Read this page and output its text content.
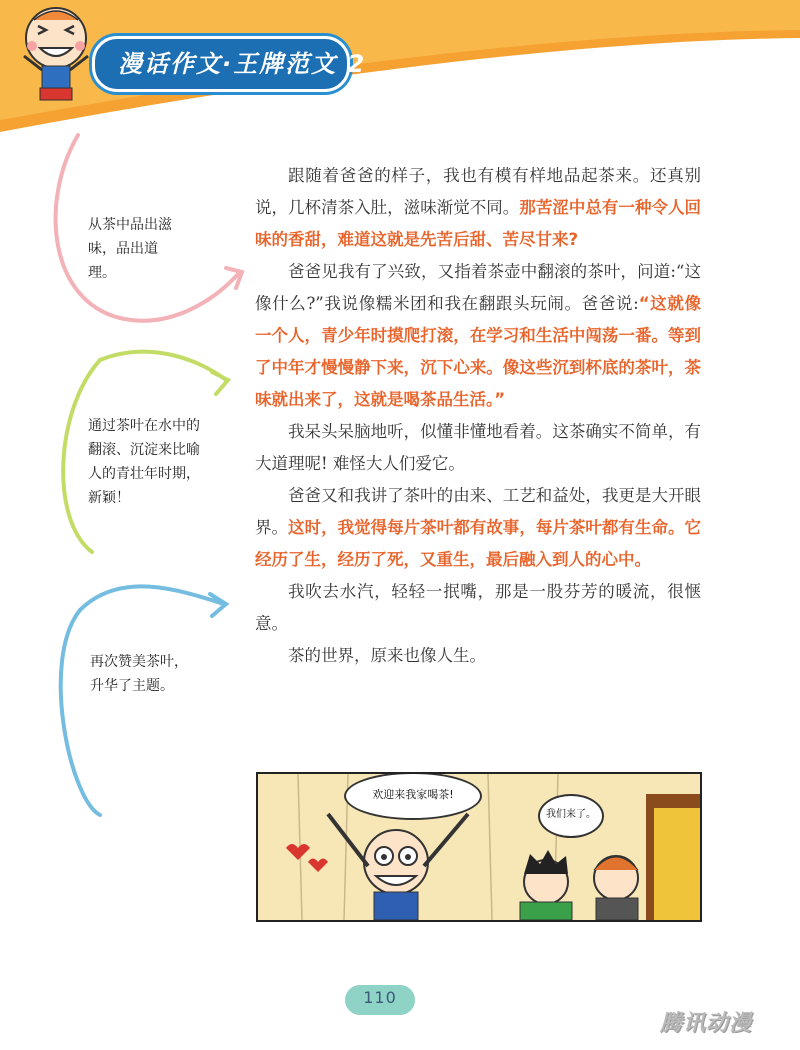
漫话作文·王牌范文 2
从茶中品出滋味，品出道理。
通过茶叶在水中的翻滚、沉淀来比喻人的青壮年时期，新颖！
再次赞美茶叶，升华了主题。

跟随着爸爸的样子，我也有模有样地品起茶来。还真别说，几杯清茶入肚，滋味渐觉不同。那苦涩中总有一种令人回味的香甜，难道这就是先苦后甜、苦尽甘来?

爸爸见我有了兴致，又指着茶壶中翻滚的茶叶，问道:“这像什么?”我说像糯米团和我在翻跟头玩闹。爸爸说:“这就像一个人，青少年时摸爬打滚，在学习和生活中闯荡一番。等到了中年才慢慢静下来，沉下心来。像这些沉到杯底的茶叶，茶味就出来了，这就是喝茶品生活。”

我呆头呆脑地听，似懂非懂地看着。这茶确实不简单，有大道理呢! 难怪大人们爱它。

爸爸又和我讲了茶叶的由来、工艺和益处，我更是大开眼界。这时，我觉得每片茶叶都有故事，每片茶叶都有生命。它经历了生，经历了死，又重生，最后融入到人的心中。

我吹去水汽，轻轻一抿嘴，那是一股芬芳的暖流，很惬意。

茶的世界，原来也像人生。

欢迎来我家喝茶!
我们来了。
110
腾讯动漫
